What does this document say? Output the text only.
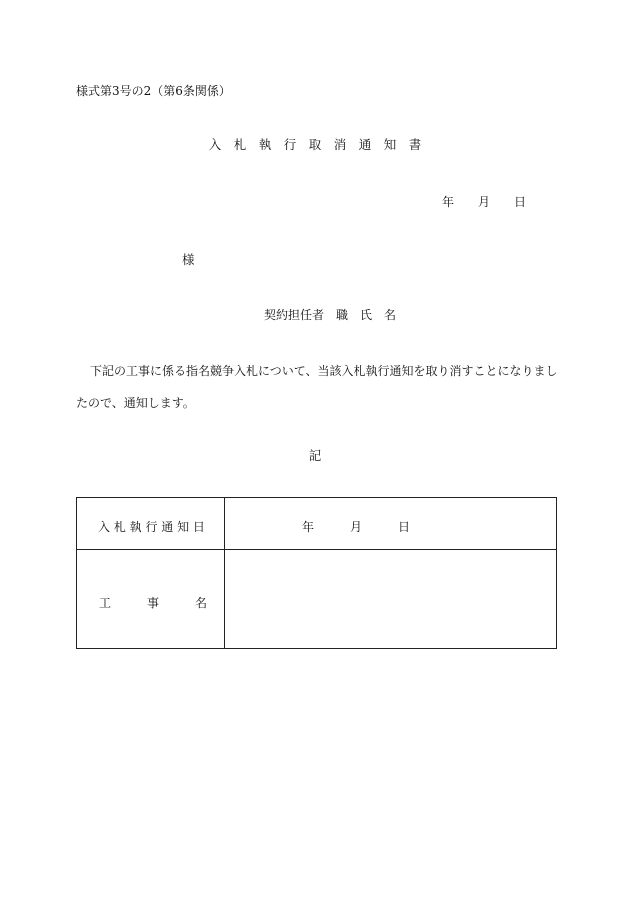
様式第3号の2（第6条関係）
入　札　執　行　取　消　通　知　書
年　　月　　日
様
契約担任者　職　氏　名
下記の工事に係る指名競争入札について、当該入札執行通知を取り消すことになりまし
たので、通知します。
記
入 札 執 行 通 知 日	年　　　月　　　日
工　　　事　　　名
